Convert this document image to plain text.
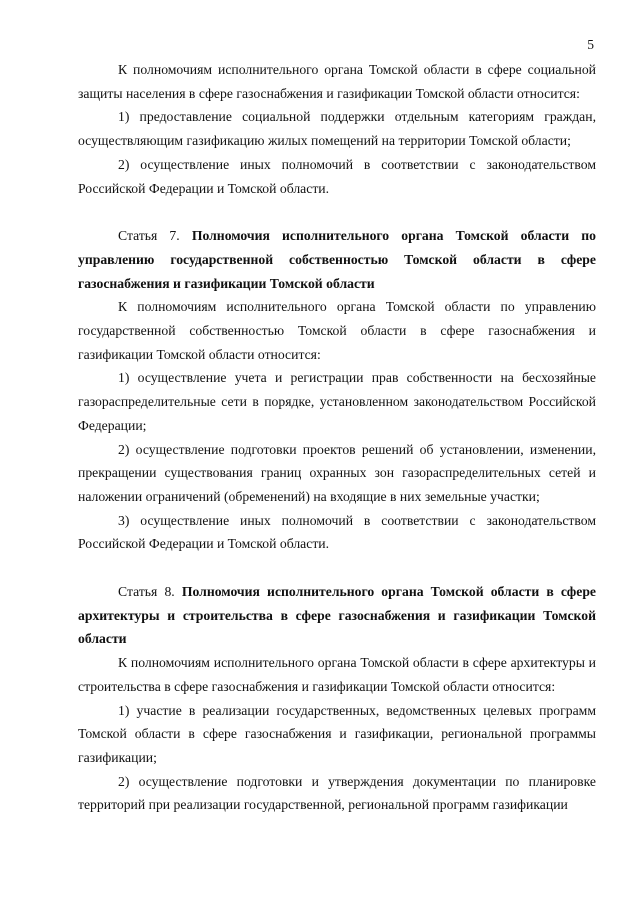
5

К полномочиям исполнительного органа Томской области в сфере социальной защиты населения в сфере газоснабжения и газификации Томской области относится:

1) предоставление социальной поддержки отдельным категориям граждан, осуществляющим газификацию жилых помещений на территории Томской области;

2) осуществление иных полномочий в соответствии с законодательством Российской Федерации и Томской области.

Статья 7. Полномочия исполнительного органа Томской области по управлению государственной собственностью Томской области в сфере газоснабжения и газификации Томской области

К полномочиям исполнительного органа Томской области по управлению государственной собственностью Томской области в сфере газоснабжения и газификации Томской области относится:

1) осуществление учета и регистрации прав собственности на бесхозяйные газораспределительные сети в порядке, установленном законодательством Российской Федерации;

2) осуществление подготовки проектов решений об установлении, изменении, прекращении существования границ охранных зон газораспределительных сетей и наложении ограничений (обременений) на входящие в них земельные участки;

3) осуществление иных полномочий в соответствии с законодательством Российской Федерации и Томской области.

Статья 8. Полномочия исполнительного органа Томской области в сфере архитектуры и строительства в сфере газоснабжения и газификации Томской области

К полномочиям исполнительного органа Томской области в сфере архитектуры и строительства в сфере газоснабжения и газификации Томской области относится:

1) участие в реализации государственных, ведомственных целевых программ Томской области в сфере газоснабжения и газификации, региональной программы газификации;

2) осуществление подготовки и утверждения документации по планировке территорий при реализации государственной, региональной программ газификации
